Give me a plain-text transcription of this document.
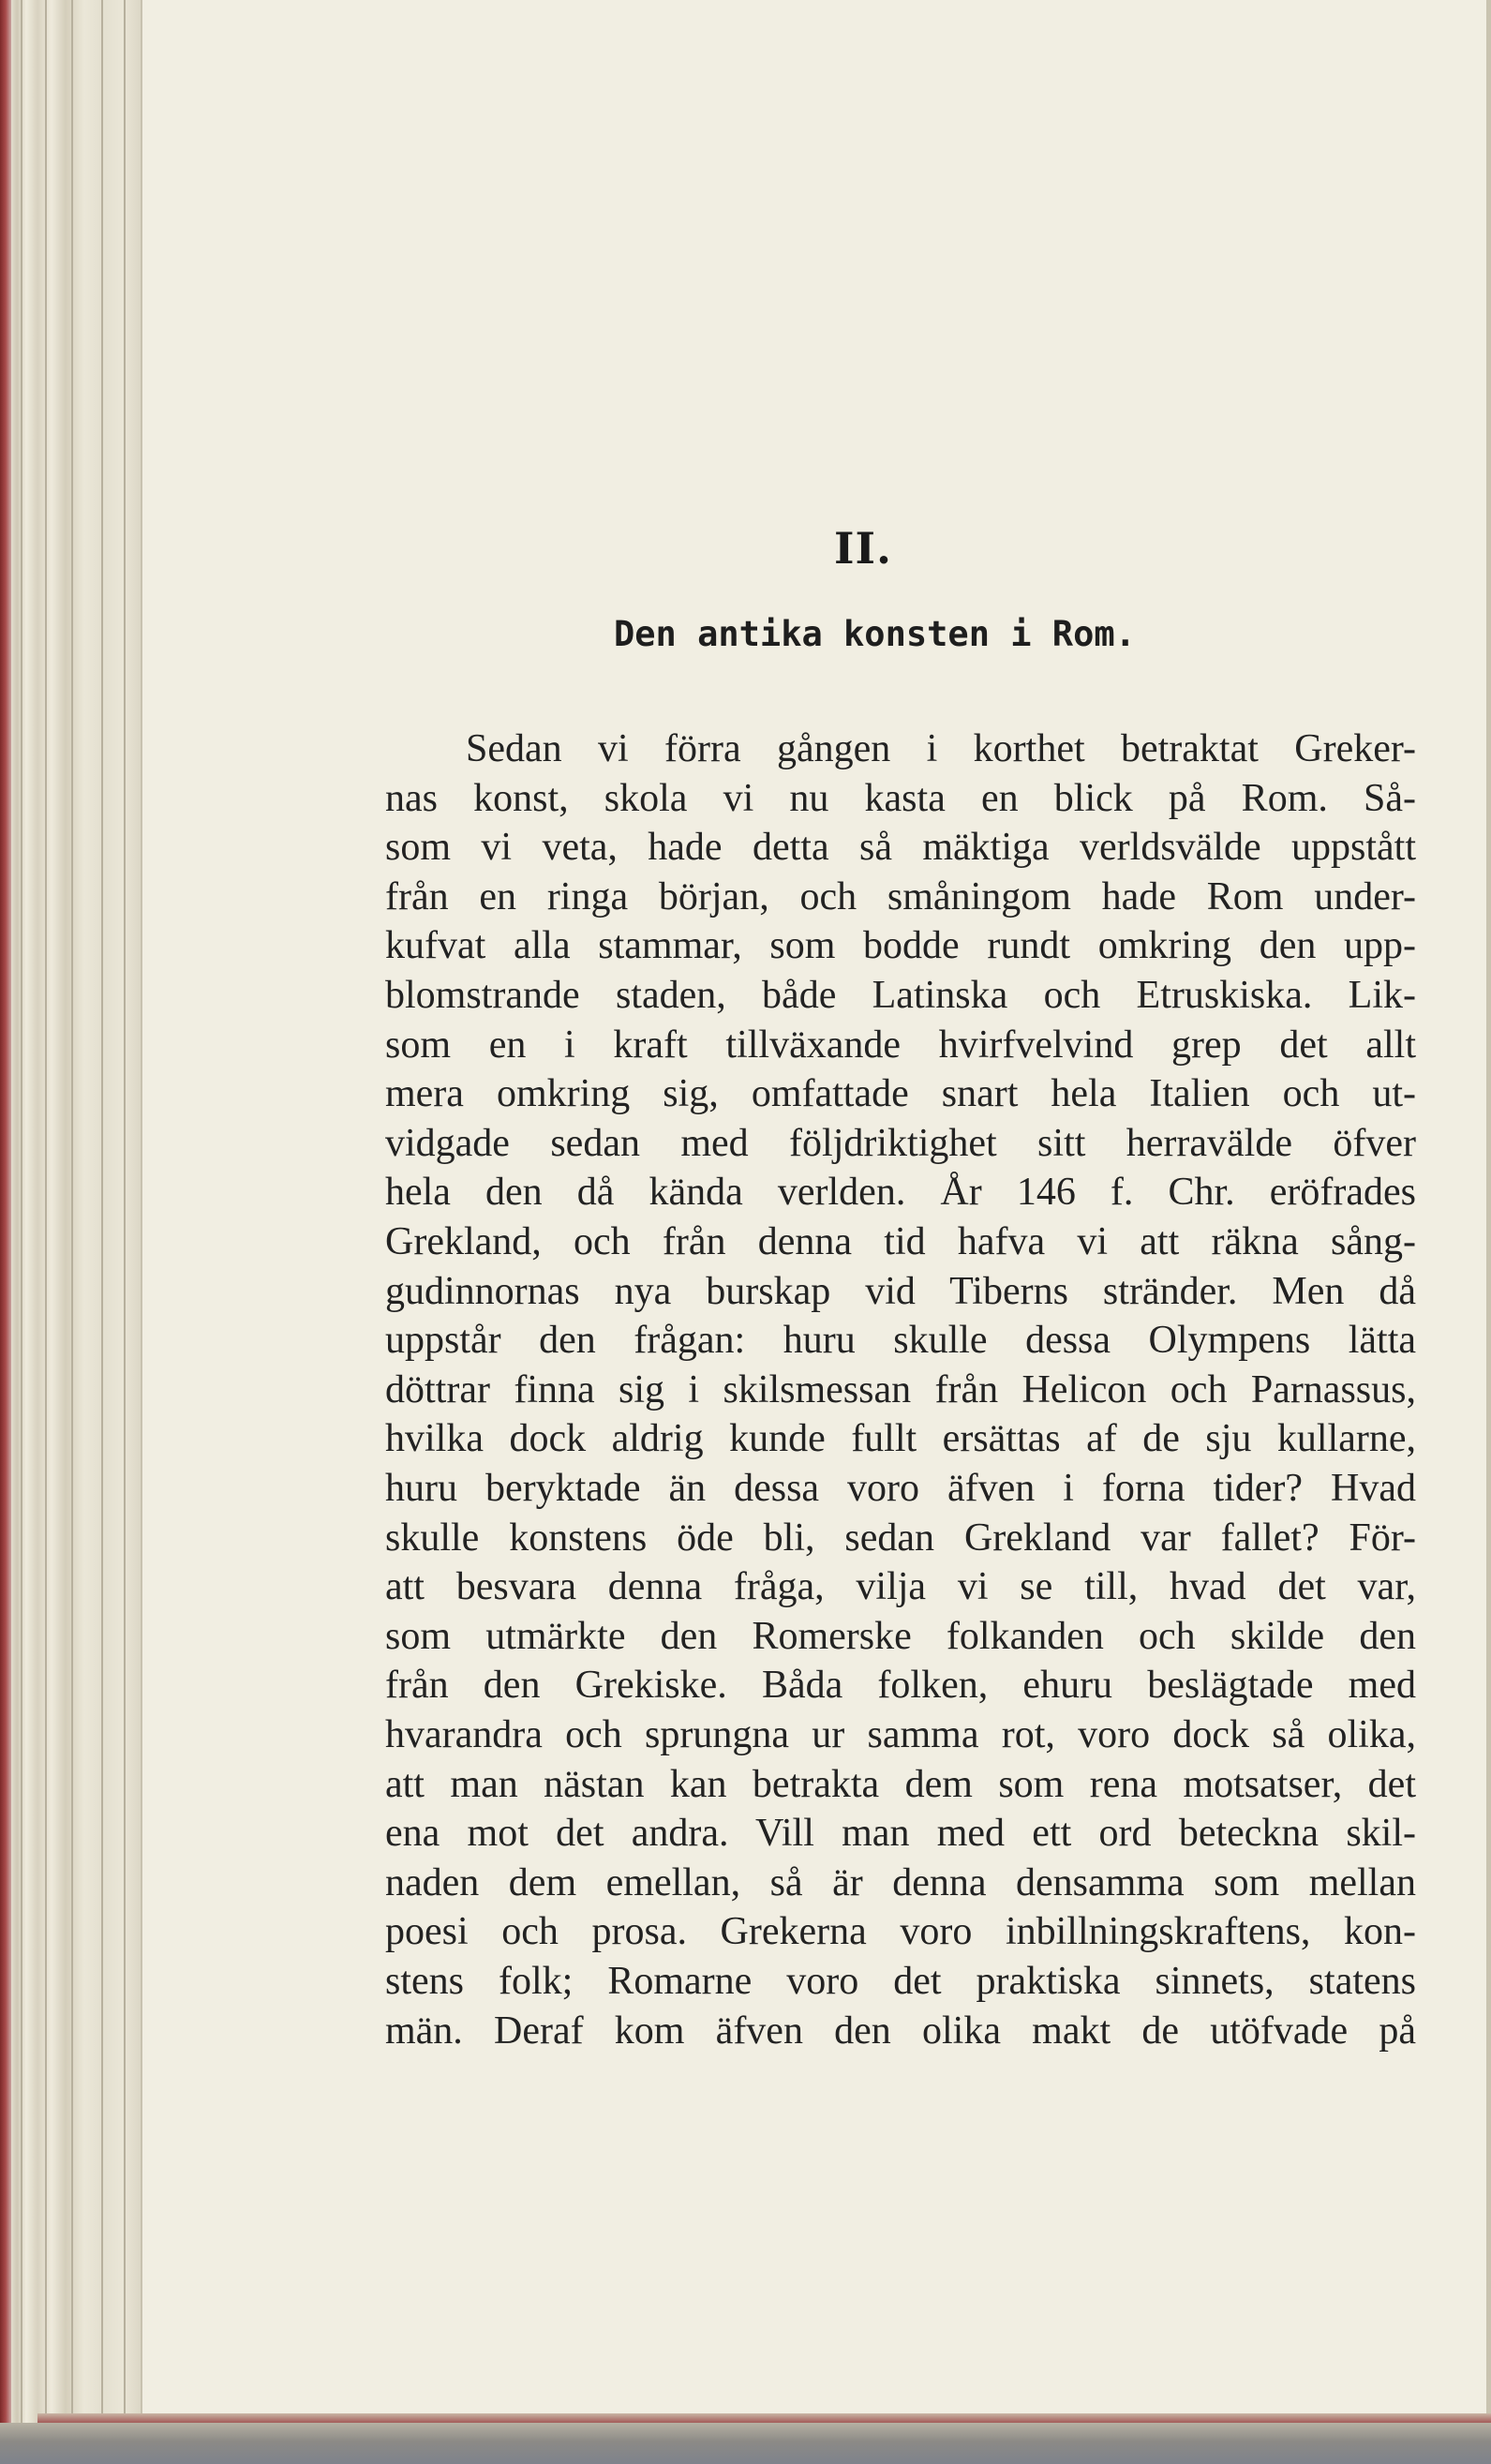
II.
Den antika konsten i Rom.
Sedan vi förra gången i korthet betraktat Greker-
nas konst, skola vi nu kasta en blick på Rom. Så-
som vi veta, hade detta så mäktiga verldsvälde uppstått
från en ringa början, och småningom hade Rom under-
kufvat alla stammar, som bodde rundt omkring den upp-
blomstrande staden, både Latinska och Etruskiska. Lik-
som en i kraft tillväxande hvirfvelvind grep det allt
mera omkring sig, omfattade snart hela Italien och ut-
vidgade sedan med följdriktighet sitt herravälde öfver
hela den då kända verlden. År 146 f. Chr. eröfrades
Grekland, och från denna tid hafva vi att räkna sång-
gudinnornas nya burskap vid Tiberns stränder. Men då
uppstår den frågan: huru skulle dessa Olympens lätta
döttrar finna sig i skilsmessan från Helicon och Parnassus,
hvilka dock aldrig kunde fullt ersättas af de sju kullarne,
huru beryktade än dessa voro äfven i forna tider? Hvad
skulle konstens öde bli, sedan Grekland var fallet? För-
att besvara denna fråga, vilja vi se till, hvad det var,
som utmärkte den Romerske folkanden och skilde den
från den Grekiske. Båda folken, ehuru beslägtade med
hvarandra och sprungna ur samma rot, voro dock så olika,
att man nästan kan betrakta dem som rena motsatser, det
ena mot det andra. Vill man med ett ord beteckna skil-
naden dem emellan, så är denna densamma som mellan
poesi och prosa. Grekerna voro inbillningskraftens, kon-
stens folk; Romarne voro det praktiska sinnets, statens
män. Deraf kom äfven den olika makt de utöfvade på
